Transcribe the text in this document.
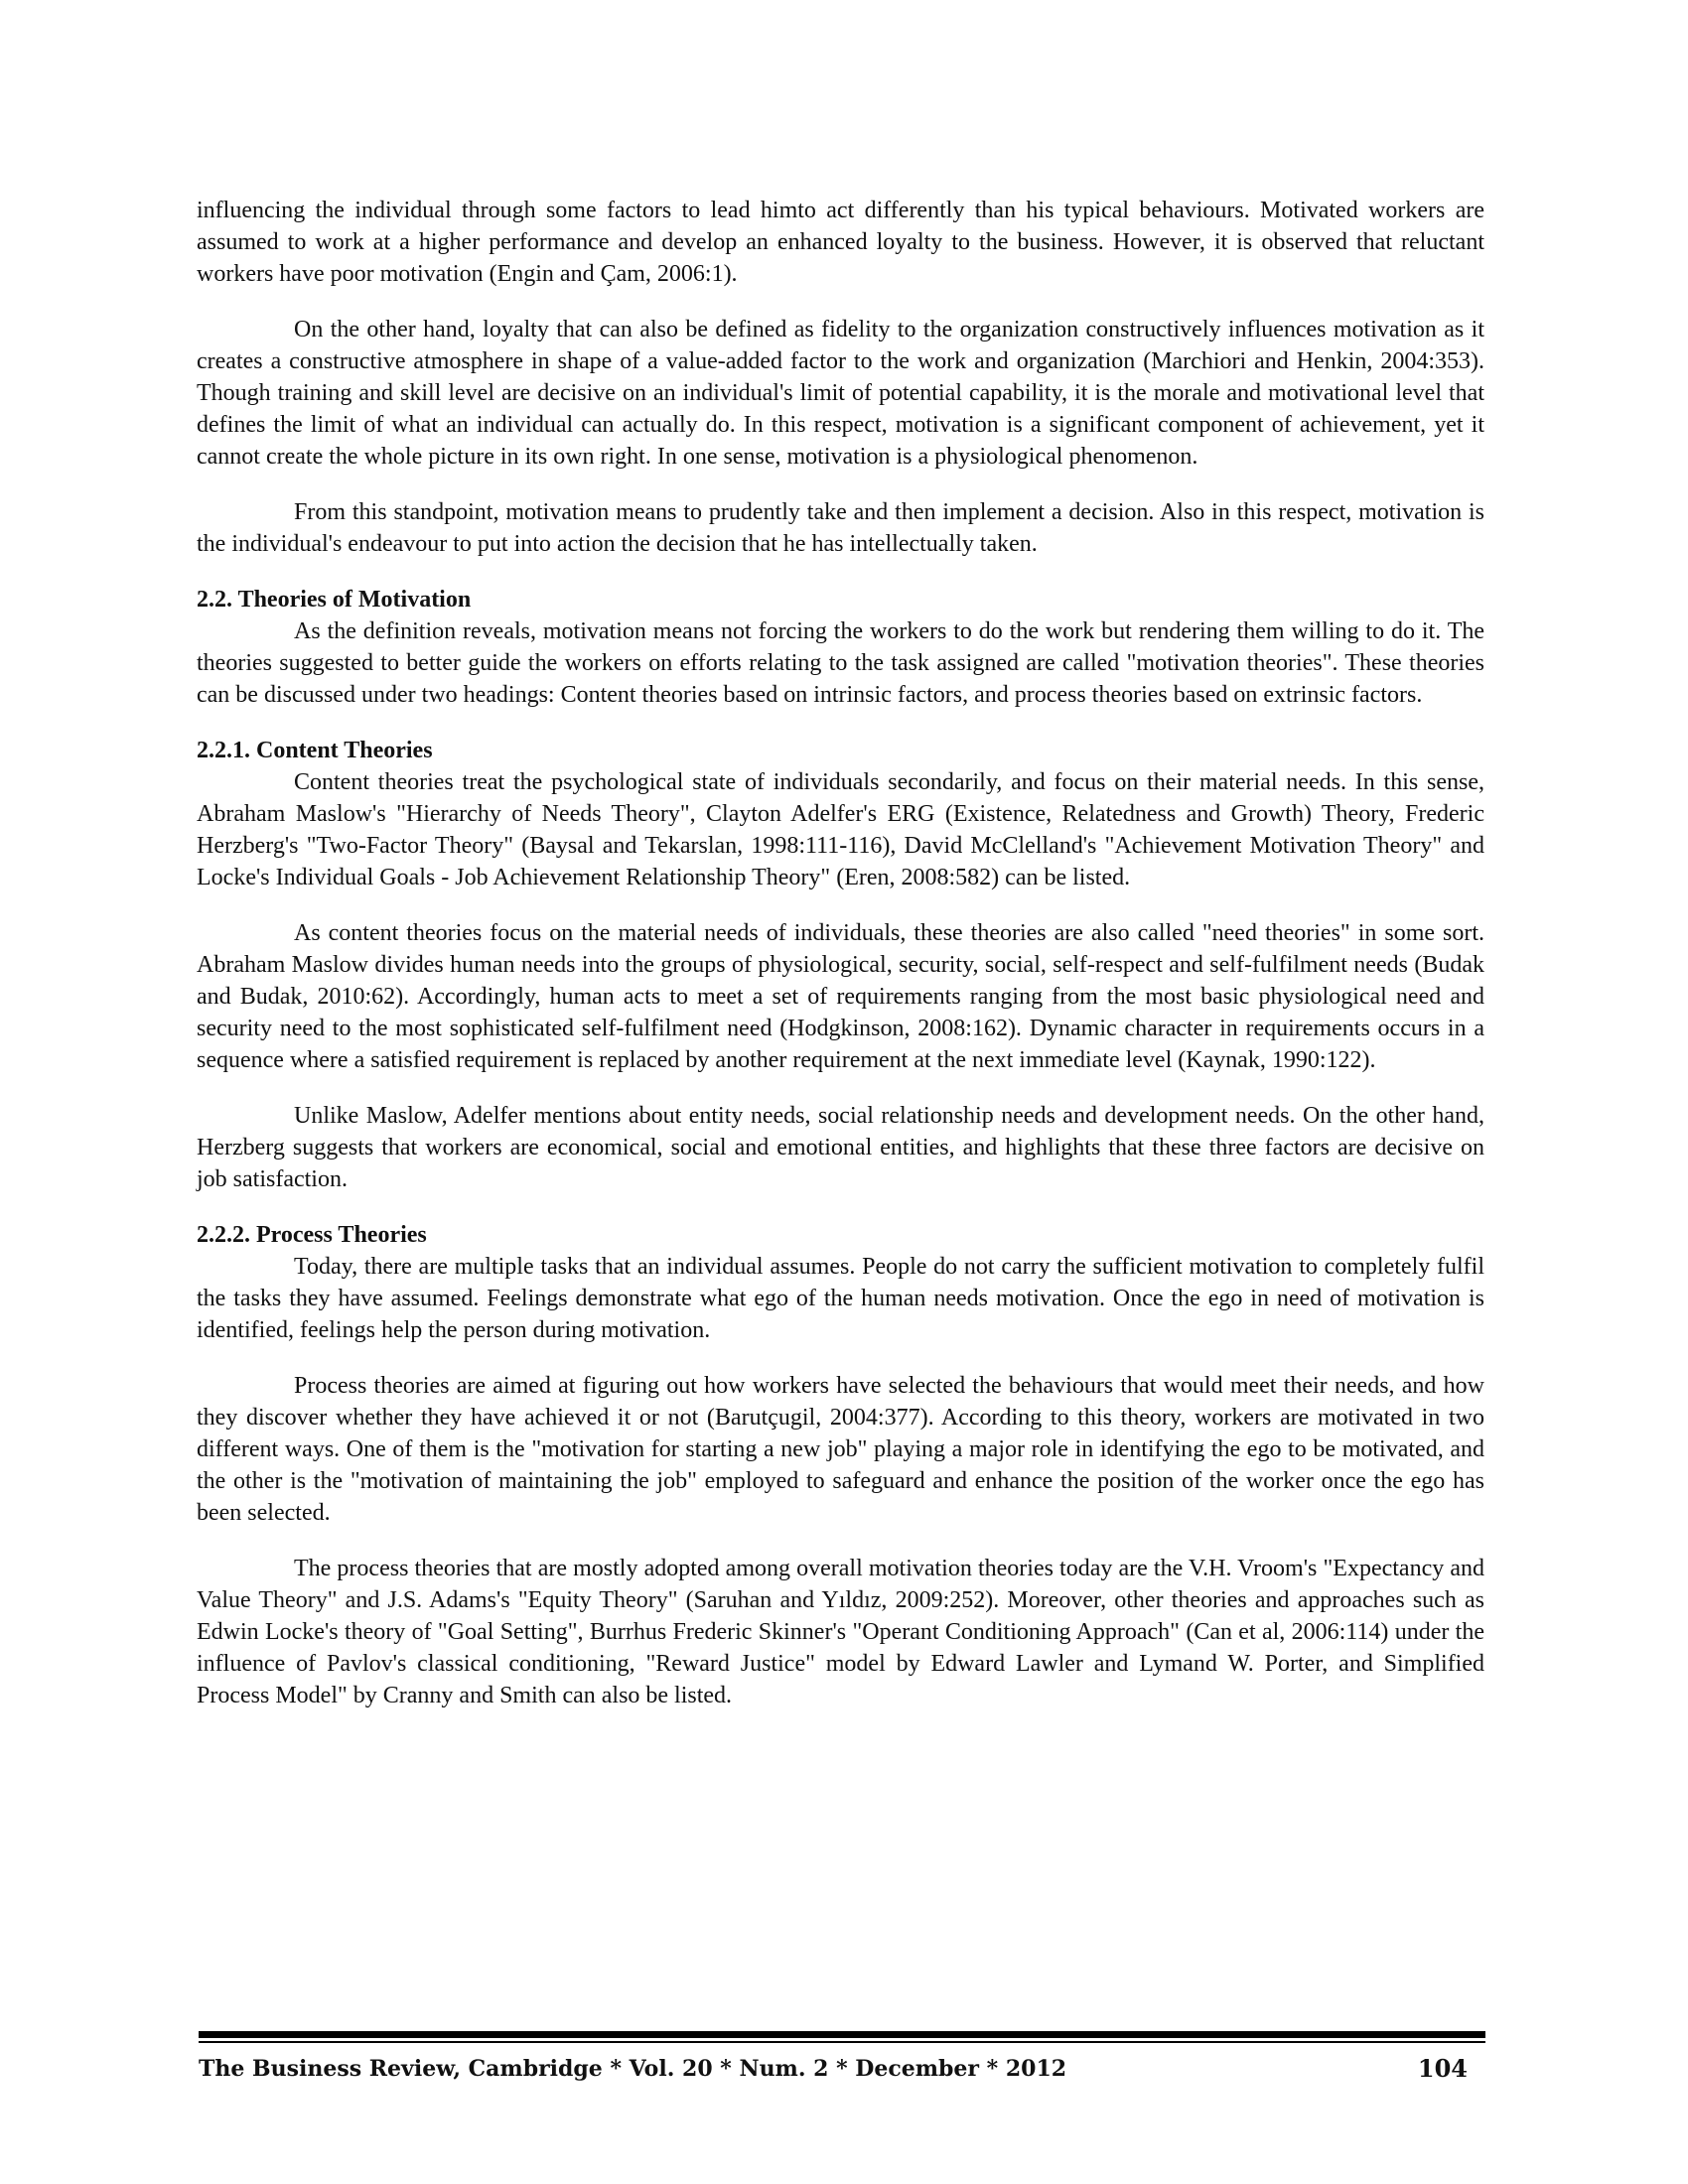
influencing the individual through some factors to lead himto act differently than his typical behaviours. Motivated workers are assumed to work at a higher performance and develop an enhanced loyalty to the business. However, it is observed that reluctant workers have poor motivation (Engin and Çam, 2006:1).

On the other hand, loyalty that can also be defined as fidelity to the organization constructively influences motivation as it creates a constructive atmosphere in shape of a value-added factor to the work and organization (Marchiori and Henkin, 2004:353). Though training and skill level are decisive on an individual's limit of potential capability, it is the morale and motivational level that defines the limit of what an individual can actually do. In this respect, motivation is a significant component of achievement, yet it cannot create the whole picture in its own right. In one sense, motivation is a physiological phenomenon.

From this standpoint, motivation means to prudently take and then implement a decision. Also in this respect, motivation is the individual's endeavour to put into action the decision that he has intellectually taken.

2.2. Theories of Motivation

As the definition reveals, motivation means not forcing the workers to do the work but rendering them willing to do it. The theories suggested to better guide the workers on efforts relating to the task assigned are called "motivation theories". These theories can be discussed under two headings: Content theories based on intrinsic factors, and process theories based on extrinsic factors.

2.2.1. Content Theories

Content theories treat the psychological state of individuals secondarily, and focus on their material needs. In this sense, Abraham Maslow's "Hierarchy of Needs Theory", Clayton Adelfer's ERG (Existence, Relatedness and Growth) Theory, Frederic Herzberg's "Two-Factor Theory" (Baysal and Tekarslan, 1998:111-116), David McClelland's "Achievement Motivation Theory" and Locke's Individual Goals - Job Achievement Relationship Theory" (Eren, 2008:582) can be listed.

As content theories focus on the material needs of individuals, these theories are also called "need theories" in some sort. Abraham Maslow divides human needs into the groups of physiological, security, social, self-respect and self-fulfilment needs (Budak and Budak, 2010:62). Accordingly, human acts to meet a set of requirements ranging from the most basic physiological need and security need to the most sophisticated self-fulfilment need (Hodgkinson, 2008:162). Dynamic character in requirements occurs in a sequence where a satisfied requirement is replaced by another requirement at the next immediate level (Kaynak, 1990:122).

Unlike Maslow, Adelfer mentions about entity needs, social relationship needs and development needs. On the other hand, Herzberg suggests that workers are economical, social and emotional entities, and highlights that these three factors are decisive on job satisfaction.

2.2.2. Process Theories

Today, there are multiple tasks that an individual assumes. People do not carry the sufficient motivation to completely fulfil the tasks they have assumed. Feelings demonstrate what ego of the human needs motivation. Once the ego in need of motivation is identified, feelings help the person during motivation.

Process theories are aimed at figuring out how workers have selected the behaviours that would meet their needs, and how they discover whether they have achieved it or not (Barutçugil, 2004:377). According to this theory, workers are motivated in two different ways. One of them is the "motivation for starting a new job" playing a major role in identifying the ego to be motivated, and the other is the "motivation of maintaining the job" employed to safeguard and enhance the position of the worker once the ego has been selected.

The process theories that are mostly adopted among overall motivation theories today are the V.H. Vroom's "Expectancy and Value Theory" and J.S. Adams's "Equity Theory" (Saruhan and Yıldız, 2009:252). Moreover, other theories and approaches such as Edwin Locke's theory of "Goal Setting", Burrhus Frederic Skinner's "Operant Conditioning Approach" (Can et al, 2006:114) under the influence of Pavlov's classical conditioning, "Reward Justice" model by Edward Lawler and Lymand W. Porter, and Simplified Process Model" by Cranny and Smith can also be listed.

The Business Review, Cambridge * Vol. 20 * Num. 2 * December * 2012	104
